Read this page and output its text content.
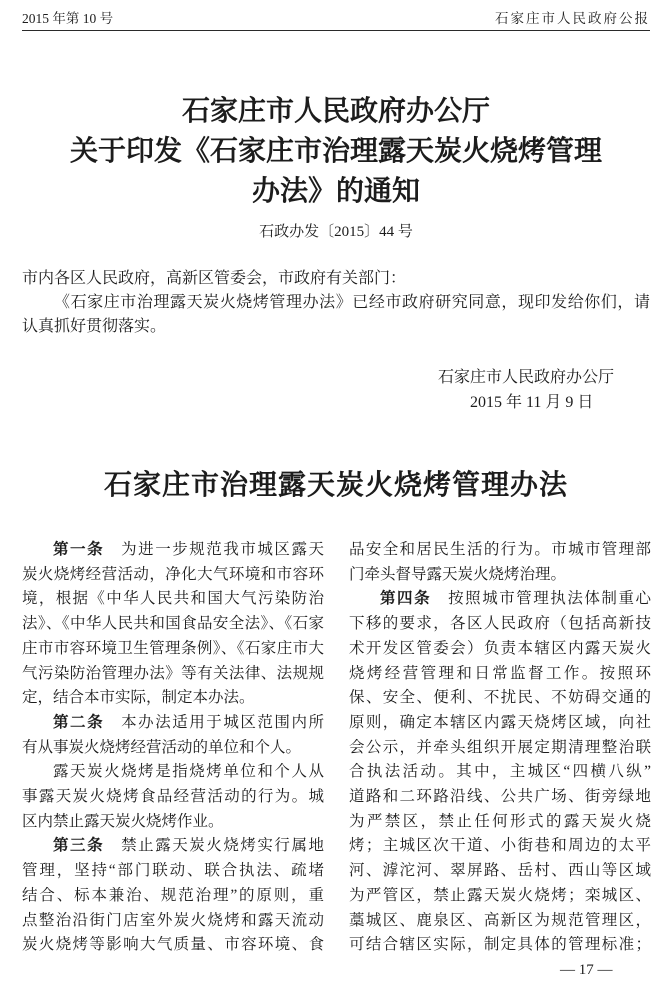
2015 年第 10 号	石家庄市人民政府公报
石家庄市人民政府办公厅
关于印发《石家庄市治理露天炭火烧烤管理
办法》的通知
石政办发〔2015〕44 号
市内各区人民政府，高新区管委会，市政府有关部门：
《石家庄市治理露天炭火烧烤管理办法》已经市政府研究同意，现印发给你们，请
认真抓好贯彻落实。
石家庄市人民政府办公厅
2015 年 11 月 9 日
石家庄市治理露天炭火烧烤管理办法
第一条　为进一步规范我市城区露天
炭火烧烤经营活动，净化大气环境和市容环
境，根据《中华人民共和国大气污染防治
法》、《中华人民共和国食品安全法》、《石家
庄市市容环境卫生管理条例》、《石家庄市大
气污染防治管理办法》等有关法律、法规规
定，结合本市实际，制定本办法。
第二条　本办法适用于城区范围内所
有从事炭火烧烤经营活动的单位和个人。
露天炭火烧烤是指烧烤单位和个人从
事露天炭火烧烤食品经营活动的行为。城
区内禁止露天炭火烧烤作业。
第三条　禁止露天炭火烧烤实行属地
管理，坚持“部门联动、联合执法、疏堵
结合、标本兼治、规范治理”的原则，重
点整治沿街门店室外炭火烧烤和露天流动
炭火烧烤等影响大气质量、市容环境、食
品安全和居民生活的行为。市城市管理部
门牵头督导露天炭火烧烤治理。
第四条　按照城市管理执法体制重心
下移的要求，各区人民政府（包括高新技
术开发区管委会）负责本辖区内露天炭火
烧烤经营管理和日常监督工作。按照环
保、安全、便利、不扰民、不妨碍交通的
原则，确定本辖区内露天烧烤区域，向社
会公示，并牵头组织开展定期清理整治联
合执法活动。其中，主城区“四横八纵”
道路和二环路沿线、公共广场、街旁绿地
为严禁区，禁止任何形式的露天炭火烧
烤；主城区次干道、小街巷和周边的太平
河、滹沱河、翠屏路、岳村、西山等区域
为严管区，禁止露天炭火烧烤；栾城区、
藁城区、鹿泉区、高新区为规范管理区，
可结合辖区实际，制定具体的管理标准；
— 17 —
